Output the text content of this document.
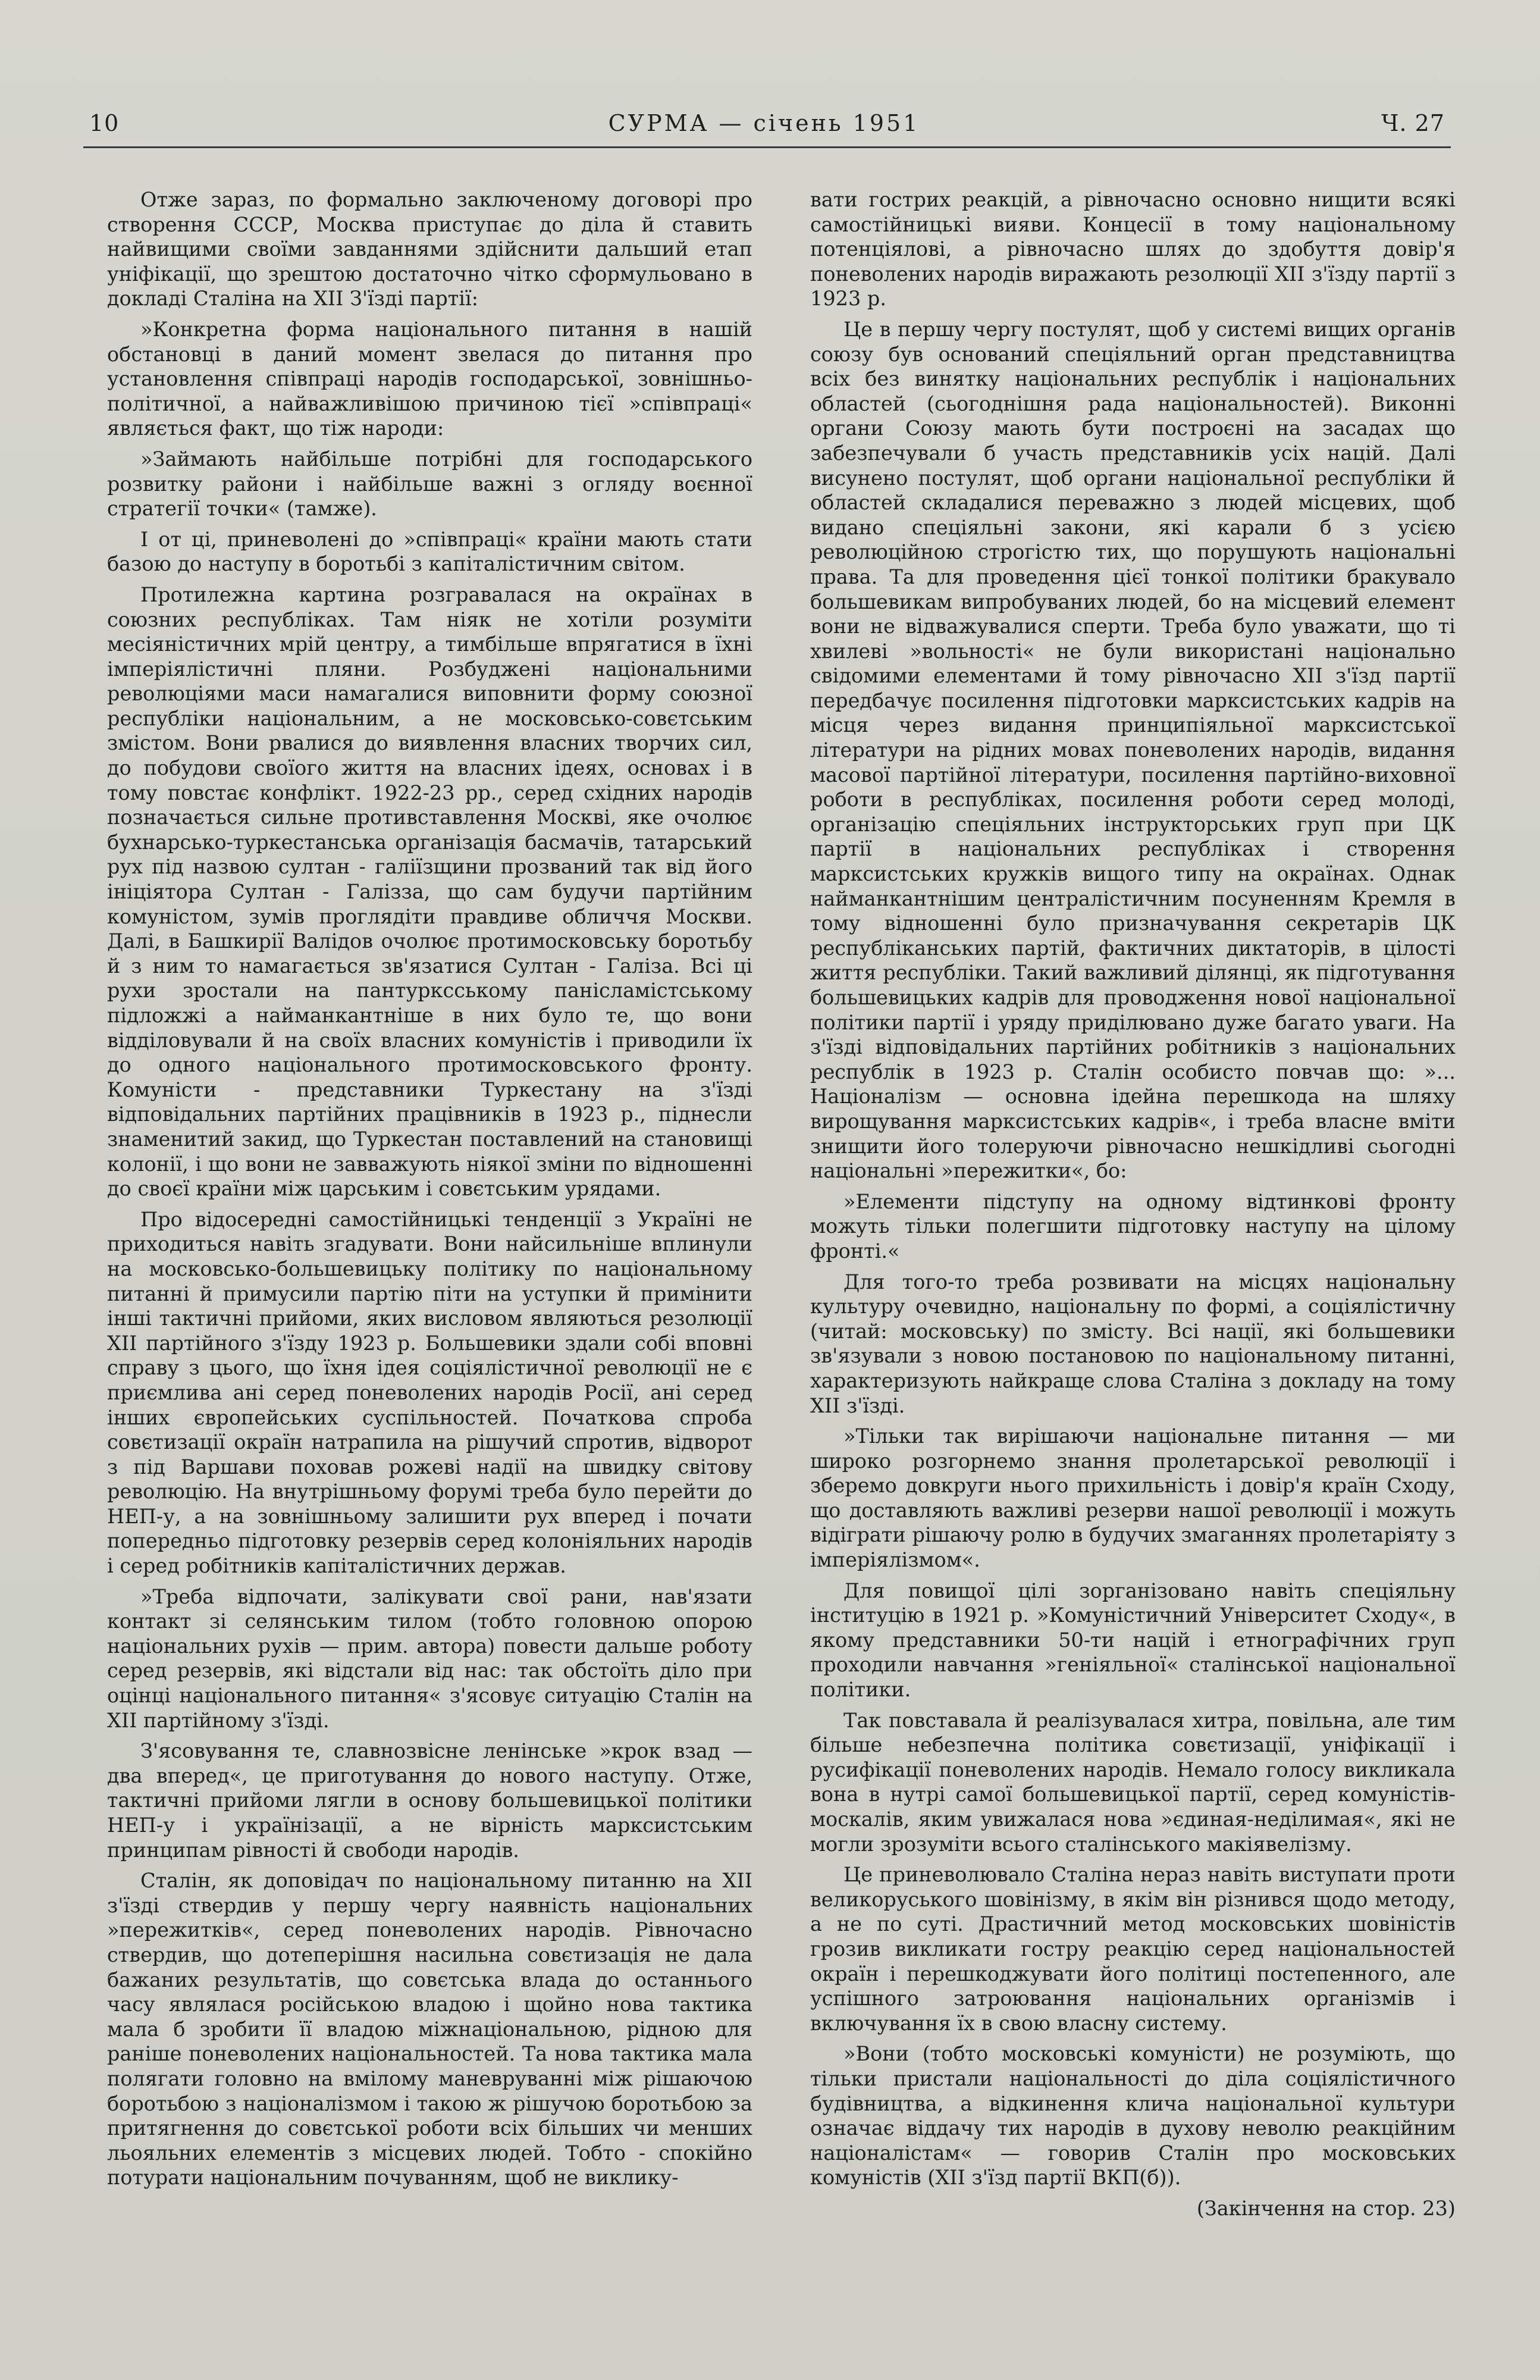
10	СУРМА — січень 1951	Ч. 27

Отже зараз, по формально заключеному договорі про створення СССР, Москва приступає до діла й ставить найвищими своїми завданнями здійснити дальший етап уніфікації, що зрештою достаточно чітко сформульовано в докладі Сталіна на XII З'їзді партії:

»Конкретна форма національного питання в нашій обстановці в даний момент звелася до питання про установлення співпраці народів господарської, зовнішньо-політичної, а найважливішою причиною тієї »співпраці« являється факт, що тіж народи:

»Займають найбільше потрібні для господарського розвитку райони і найбільше важні з огляду воєнної стратегії точки« (тамже).

І от ці, приневолені до »співпраці« країни мають стати базою до наступу в боротьбі з капіталістичним світом.

Протилежна картина розгравалася на окраїнах в союзних республіках. Там ніяк не хотіли розуміти месіяністичних мрій центру, а тимбільше впрягатися в їхні імперіялістичні пляни. Розбуджені національними революціями маси намагалися виповнити форму союзної республіки національним, а не московсько-совєтським змістом. Вони рвалися до виявлення власних творчих сил, до побудови своїого життя на власних ідеях, основах і в тому повстає конфлікт. 1922-23 рр., серед східних народів позначається сильне противставлення Москві, яке очолює бухнарсько-туркестанська організація басмачів, татарський рух під назвою султан - галіїзщини прозваний так від його ініціятора Султан - Галізза, що сам будучи партійним комуністом, зумів проглядіти правдиве обличчя Москви. Далі, в Башкирії Валідов очолює протимосковську боротьбу й з ним то намагається зв'язатися Султан - Галіза. Всі ці рухи зростали на пантурксському панісламістському підложжі а найманкантніше в них було те, що вони відділовували й на своїх власних комуністів і приводили їх до одного національного протимосковського фронту. Комуністи - представники Туркестану на з'їзді відповідальних партійних працівників в 1923 р., піднесли знаменитий закид, що Туркестан поставлений на становищі колонії, і що вони не завважують ніякої зміни по відношенні до своєї країни між царським і совєтським урядами.

Про відосередні самостійницькі тенденції з Україні не приходиться навіть згадувати. Вони найсильніше вплинули на московсько-большевицьку політику по національному питанні й примусили партію піти на уступки й примінити інші тактичні прийоми, яких висловом являються резолюції XII партійного з'їзду 1923 р. Большевики здали собі вповні справу з цього, що їхня ідея соціялістичної революції не є приємлива ані серед поневолених народів Росії, ані серед інших європейських суспільностей. Початкова спроба совєтизації окраїн натрапила на рішучий спротив, відворот з під Варшави поховав рожеві надії на швидку світову революцію. На внутрішньому форумі треба було перейти до НЕП-у, а на зовнішньому залишити рух вперед і почати попередньо підготовку резервів серед колоніяльних народів і серед робітників капіталістичних держав.

»Треба відпочати, залікувати свої рани, нав'язати контакт зі селянським тилом (тобто головною опорою національних рухів — прим. автора) повести дальше роботу серед резервів, які відстали від нас: так обстоїть діло при оцінці національного питання« з'ясовує ситуацію Сталін на XII партійному з'їзді.

З'ясовування те, славнозвісне ленінське »крок взад — два вперед«, це приготування до нового наступу. Отже, тактичні прийоми лягли в основу большевицької політики НЕП-у і українізації, а не вірність марксистським принципам рівності й свободи народів.

Сталін, як доповідач по національному питанню на XII з'їзді ствердив у першу чергу наявність національних »пережитків«, серед поневолених народів. Рівночасно ствердив, що дотеперішня насильна совєтизація не дала бажаних результатів, що совєтська влада до останнього часу являлася російською владою і щойно нова тактика мала б зробити її владою міжнаціональною, рідною для раніше поневолених національностей. Та нова тактика мала полягати головно на вмілому маневруванні між рішаючою боротьбою з націоналізмом і такою ж рішучою боротьбою за притягнення до совєтської роботи всіх більших чи менших льояльних елементів з місцевих людей. Тобто - спокійно потурати національним почуванням, щоб не виклику-

вати гострих реакцій, а рівночасно основно нищити всякі самостійницькі вияви. Концесії в тому національному потенціялові, а рівночасно шлях до здобуття довір'я поневолених народів виражають резолюції XII з'їзду партії з 1923 р.

Це в першу чергу постулят, щоб у системі вищих органів союзу був оснований спеціяльний орган представництва всіх без винятку національних республік і національних областей (сьогоднішня рада національностей). Виконні органи Союзу мають бути построєні на засадах що забезпечували б участь представників усіх націй. Далі висунено постулят, щоб органи національної республіки й областей складалися переважно з людей місцевих, щоб видано спеціяльні закони, які карали б з усією революційною строгістю тих, що порушують національні права. Та для проведення цієї тонкої політики бракувало большевикам випробуваних людей, бо на місцевий елемент вони не відважувалися сперти. Треба було уважати, що ті хвилеві »вольності« не були використані національно свідомими елементами й тому рівночасно XII з'їзд партії передбачує посилення підготовки марксистських кадрів на місця через видання принципіяльної марксистської літератури на рідних мовах поневолених народів, видання масової партійної літератури, посилення партійно-виховної роботи в республіках, посилення роботи серед молоді, організацію спеціяльних інструкторських груп при ЦК партії в національних республіках і створення марксистських кружків вищого типу на окраїнах. Однак найманкантнішим централістичним посуненням Кремля в тому відношенні було призначування секретарів ЦК республіканських партій, фактичних диктаторів, в цілості життя республіки. Такий важливий ділянці, як підготування большевицьких кадрів для проводження нової національної політики партії і уряду приділювано дуже багато уваги. На з'їзді відповідальних партійних робітників з національних республік в 1923 р. Сталін особисто повчав що: »... Націоналізм — основна ідейна перешкода на шляху вирощування марксистських кадрів«, і треба власне вміти знищити його толеруючи рівночасно нешкідливі сьогодні національні »пережитки«, бо:

»Елементи підступу на одному відтинкові фронту можуть тільки полегшити підготовку наступу на цілому фронті.«

Для того-то треба розвивати на місцях національну культуру очевидно, національну по формі, а соціялістичну (читай: московську) по змісту. Всі нації, які большевики зв'язували з новою постановою по національному питанні, характеризують найкраще слова Сталіна з докладу на тому XII з'їзді.

»Тільки так вирішаючи національне питання — ми широко розгорнемо знання пролетарської революції і зберемо довкруги нього прихильність і довір'я країн Сходу, що доставляють важливі резерви нашої революції і можуть відіграти рішаючу ролю в будучих змаганнях пролетаріяту з імперіялізмом«.

Для повищої цілі зорганізовано навіть спеціяльну інституцію в 1921 р. »Комуністичний Університет Сходу«, в якому представники 50-ти націй і етнографічних груп проходили навчання »геніяльної« сталінської національної політики.

Так повставала й реалізувалася хитра, повільна, але тим більше небезпечна політика совєтизації, уніфікації і русифікації поневолених народів. Немало голосу викликала вона в нутрі самої большевицької партії, серед комуністів-москалів, яким увижалася нова »єдиная-неділимая«, які не могли зрозуміти всього сталінського макіявелізму.

Це приневолювало Сталіна нераз навіть виступати проти великоруського шовінізму, в якім він різнився щодо методу, а не по суті. Драстичний метод московських шовіністів грозив викликати гостру реакцію серед національностей окраїн і перешкоджувати його політиці постепенного, але успішного затроювання національних організмів і включування їх в свою власну систему.

»Вони (тобто московські комуністи) не розуміють, що тільки пристали національності до діла соціялістичного будівництва, а відкинення клича національної культури означає віддачу тих народів в духову неволю реакційним націоналістам« — говорив Сталін про московських комуністів (XII з'їзд партії ВКП(б)).

(Закінчення на стор. 23)
